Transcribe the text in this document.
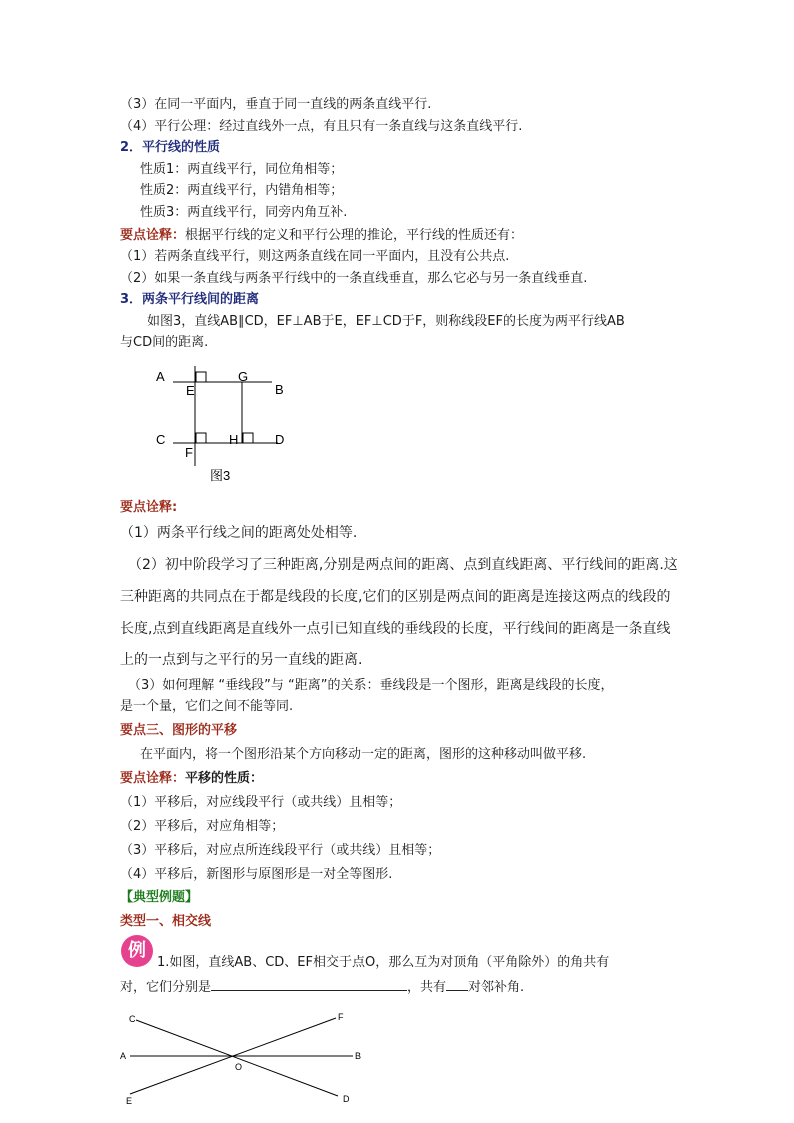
（3）在同一平面内，垂直于同一直线的两条直线平行.
（4）平行公理：经过直线外一点，有且只有一条直线与这条直线平行.
2．平行线的性质
性质1：两直线平行，同位角相等；
性质2：两直线平行，内错角相等；
性质3：两直线平行，同旁内角互补.
要点诠释：根据平行线的定义和平行公理的推论，平行线的性质还有：
（1）若两条直线平行，则这两条直线在同一平面内，且没有公共点.
（2）如果一条直线与两条平行线中的一条直线垂直，那么它必与另一条直线垂直.
3．两条平行线间的距离
如图3，直线AB∥CD，EF⊥AB于E，EF⊥CD于F，则称线段EF的长度为两平行线AB
与CD间的距离.
A
E
G
B
C	H	D
F
图3
要点诠释:
（1）两条平行线之间的距离处处相等.
（2）初中阶段学习了三种距离,分别是两点间的距离、点到直线距离、平行线间的距离.这
三种距离的共同点在于都是线段的长度,它们的区别是两点间的距离是连接这两点的线段的
长度,点到直线距离是直线外一点引已知直线的垂线段的长度，平行线间的距离是一条直线
上的一点到与之平行的另一直线的距离.
（3）如何理解 “垂线段”与 “距离”的关系：垂线段是一个图形，距离是线段的长度，
是一个量，它们之间不能等同.
要点三、图形的平移
在平面内，将一个图形沿某个方向移动一定的距离，图形的这种移动叫做平移.
要点诠释：平移的性质：
（1）平移后，对应线段平行（或共线）且相等；
（2）平移后，对应角相等；
（3）平移后，对应点所连线段平行（或共线）且相等；
（4）平移后，新图形与原图形是一对全等图形.
【典型例题】
类型一、相交线
例
1.如图，直线AB、CD、EF相交于点O，那么互为对顶角（平角除外）的角共有
对，它们分别是	，共有 对邻补角.
C	F
A	B
O
E	D
